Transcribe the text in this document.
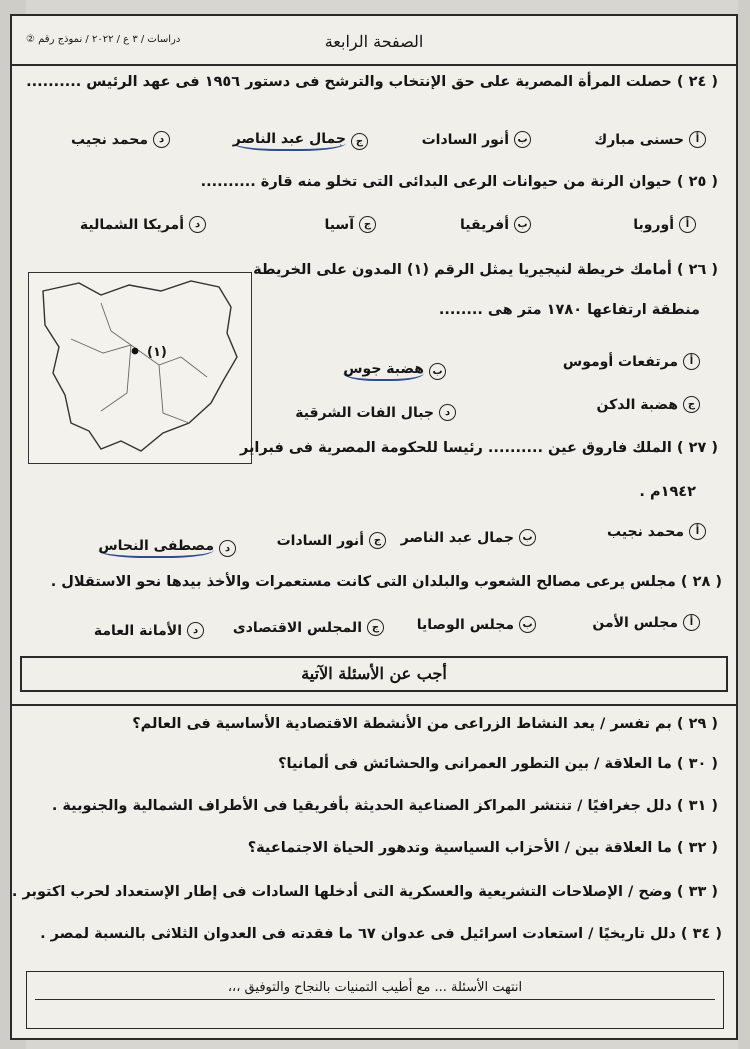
الصفحة الرابعة
دراسات / ٣ ع / ٢٠٢٢ / نموذج رقم ②
( ٢٤ ) حصلت المرأة المصرية على حق الإنتخاب والترشح فى دستور ١٩٥٦ فى عهد الرئيس ..........
أ
حسنى مبارك
ب
أنور السادات
ج
جمال عبد الناصر
د
محمد نجيب
( ٢٥ ) حيوان الرنة من حيوانات الرعى البدائى التى تخلو منه قارة ..........
أ
أوروبا
ب
أفريقيا
ج
آسيا
د
أمريكا الشمالية
( ٢٦ ) أمامك خريطة لنيجيريا يمثل الرقم (١) المدون على الخريطة
منطقة ارتفاعها ١٧٨٠ متر هى ........
(١)
أ
مرتفعات أوموس
ب
هضبة جوس
ج
هضبة الدكن
د
جبال الفات الشرقية
( ٢٧ ) الملك فاروق عين .......... رئيسا للحكومة المصرية فى فبراير
١٩٤٢م .
أ
محمد نجيب
ب
جمال عبد الناصر
ج
أنور السادات
د
مصطفى النحاس
( ٢٨ ) مجلس يرعى مصالح الشعوب والبلدان التى كانت مستعمرات والأخذ بيدها نحو الاستقلال .
أ
مجلس الأمن
ب
مجلس الوصايا
ج
المجلس الاقتصادى
د
الأمانة العامة
أجب عن الأسئلة الآتية
( ٢٩ ) بم تفسر / يعد النشاط الزراعى من الأنشطة الاقتصادية الأساسية فى العالم؟
( ٣٠ ) ما العلاقة / بين التطور العمرانى والحشائش فى ألمانيا؟
( ٣١ ) دلل جغرافيًا / تنتشر المراكز الصناعية الحديثة بأفريقيا فى الأطراف الشمالية والجنوبية .
( ٣٢ ) ما العلاقة بين / الأحزاب السياسية وتدهور الحياة الاجتماعية؟
( ٣٣ ) وضح / الإصلاحات التشريعية والعسكرية التى أدخلها السادات فى إطار الإستعداد لحرب اكتوبر .
( ٣٤ ) دلل تاريخيًا / استعادت اسرائيل فى عدوان ٦٧ ما فقدته فى العدوان الثلاثى بالنسبة لمصر .
انتهت الأسئلة ... مع أطيب التمنيات بالنجاح والتوفيق ،،،
